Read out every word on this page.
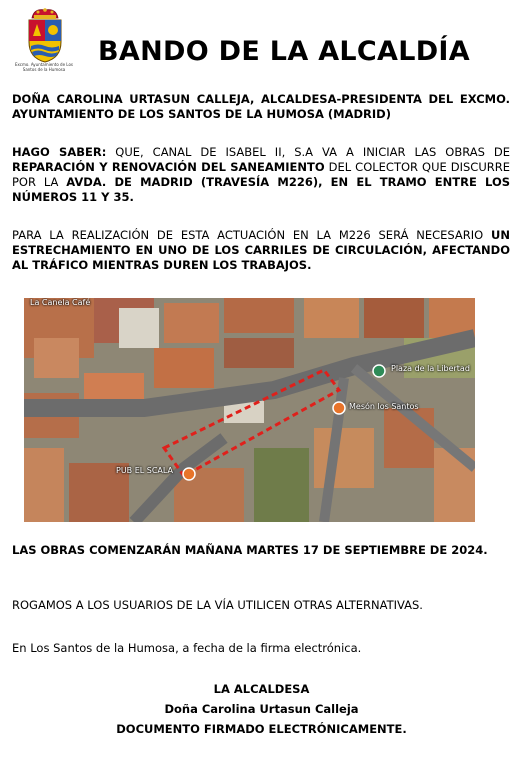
Excmo. Ayuntamiento de Los Santos de la Humosa
BANDO DE LA ALCALDÍA

DOÑA CAROLINA URTASUN CALLEJA, ALCALDESA-PRESIDENTA DEL EXCMO. AYUNTAMIENTO DE LOS SANTOS DE LA HUMOSA (MADRID)

HAGO SABER: QUE, CANAL DE ISABEL II, S.A VA A INICIAR LAS OBRAS DE REPARACIÓN Y RENOVACIÓN DEL SANEAMIENTO DEL COLECTOR QUE DISCURRE POR LA AVDA. DE MADRID (TRAVESÍA M226), EN EL TRAMO ENTRE LOS NÚMEROS 11 Y 35.

PARA LA REALIZACIÓN DE ESTA ACTUACIÓN EN LA M226 SERÁ NECESARIO UN ESTRECHAMIENTO EN UNO DE LOS CARRILES DE CIRCULACIÓN, AFECTANDO AL TRÁFICO MIENTRAS DUREN LOS TRABAJOS.

La Canela Café
Plaza de la Libertad
Mesón los Santos
PUB EL SCALA

LAS OBRAS COMENZARÁN MAÑANA MARTES 17 DE SEPTIEMBRE DE 2024.

ROGAMOS A LOS USUARIOS DE LA VÍA UTILICEN OTRAS ALTERNATIVAS.

En Los Santos de la Humosa, a fecha de la firma electrónica.

LA ALCALDESA
Doña Carolina Urtasun Calleja
DOCUMENTO FIRMADO ELECTRÓNICAMENTE.
